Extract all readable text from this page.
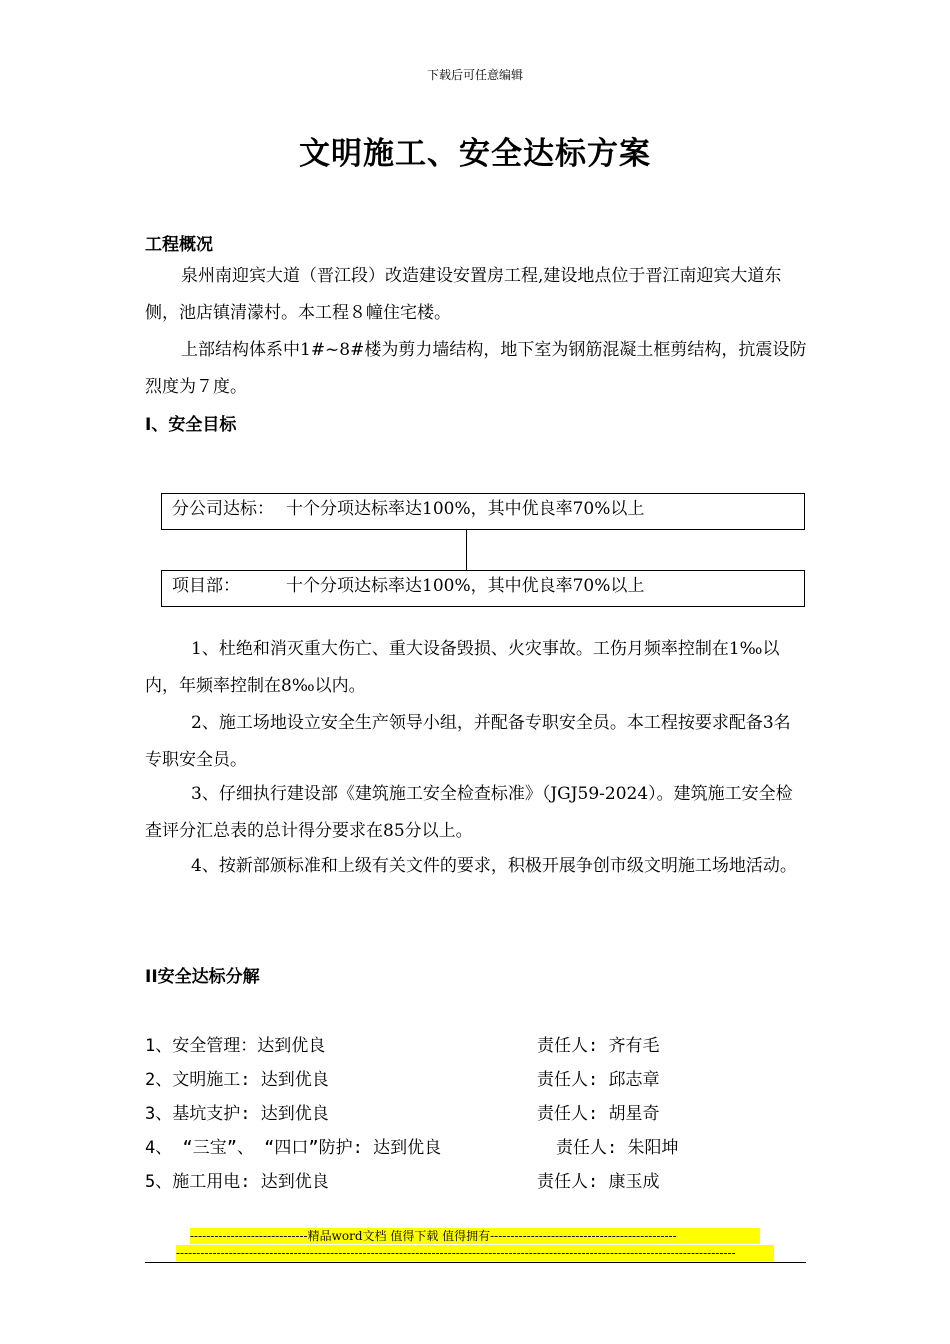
下载后可任意编辑
文明施工、安全达标方案
工程概况
泉州南迎宾大道（晋江段）改造建设安置房工程,建设地点位于晋江南迎宾大道东侧，池店镇清濛村。本工程８幢住宅楼。
上部结构体系中1#~8#楼为剪力墙结构，地下室为钢筋混凝土框剪结构，抗震设防烈度为７度。
I、安全目标
分公司达标： 十个分项达标率达100%，其中优良率70%以上
项目部：	十个分项达标率达100%，其中优良率70%以上
1、杜绝和消灭重大伤亡、重大设备毁损、火灾事故。工伤月频率控制在1‰以内，年频率控制在8‰以内。
2、施工场地设立安全生产领导小组，并配备专职安全员。本工程按要求配备3名专职安全员。
3、仔细执行建设部《建筑施工安全检查标准》（JGJ59-2024）。建筑施工安全检查评分汇总表的总计得分要求在85分以上。
4、按新部颁标准和上级有关文件的要求，积极开展争创市级文明施工场地活动。
II安全达标分解
1、安全管理：达到优良	责任人: 齐有毛
2、文明施工: 达到优良	责任人: 邱志章
3、基坑支护: 达到优良	责任人: 胡星奇
4、 “三宝”、 “四口”防护: 达到优良	责任人: 朱阳坤
5、施工用电: 达到优良	责任人: 康玉成
-----------------------------精品word文档 值得下载 值得拥有----------------------------------------------
------------------------------------------------------------------------------------------------------------------------------------------
